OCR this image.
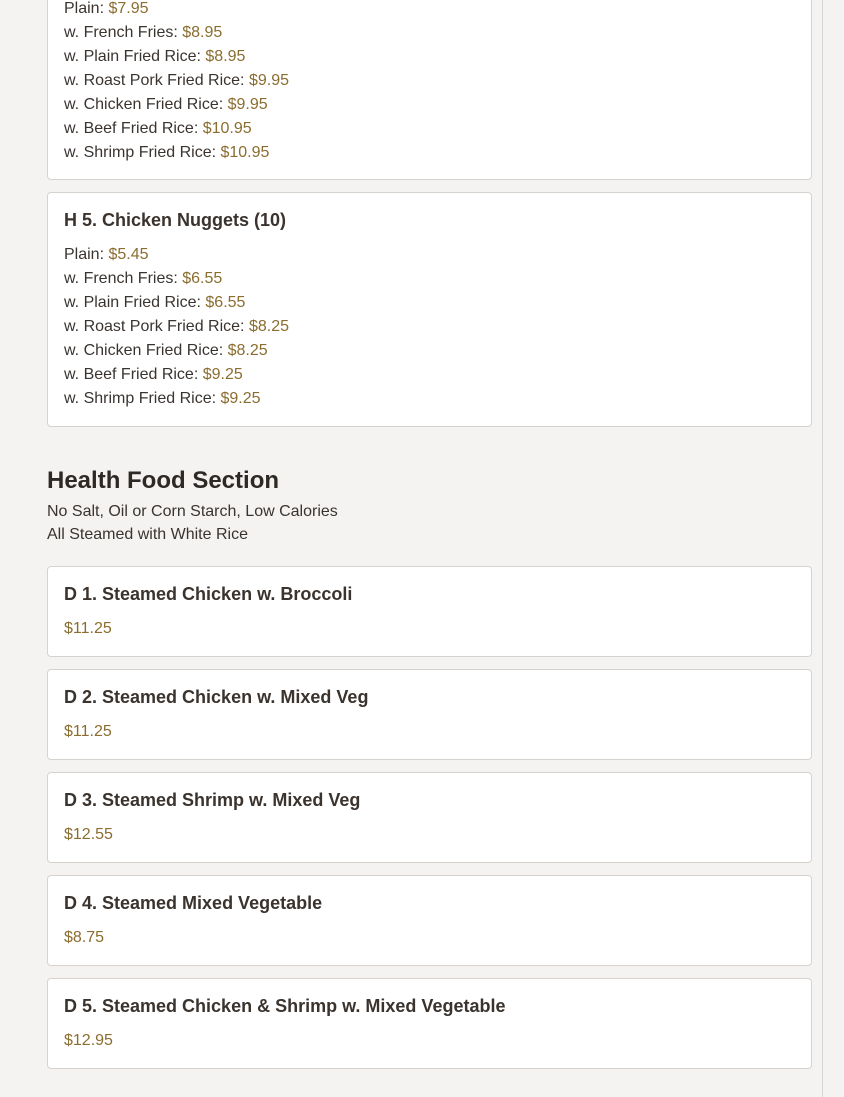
Plain: $7.95
w. French Fries: $8.95
w. Plain Fried Rice: $8.95
w. Roast Pork Fried Rice: $9.95
w. Chicken Fried Rice: $9.95
w. Beef Fried Rice: $10.95
w. Shrimp Fried Rice: $10.95
H 5. Chicken Nuggets (10)
Plain: $5.45
w. French Fries: $6.55
w. Plain Fried Rice: $6.55
w. Roast Pork Fried Rice: $8.25
w. Chicken Fried Rice: $8.25
w. Beef Fried Rice: $9.25
w. Shrimp Fried Rice: $9.25
Health Food Section
No Salt, Oil or Corn Starch, Low Calories
All Steamed with White Rice
D 1. Steamed Chicken w. Broccoli
$11.25
D 2. Steamed Chicken w. Mixed Veg
$11.25
D 3. Steamed Shrimp w. Mixed Veg
$12.55
D 4. Steamed Mixed Vegetable
$8.75
D 5. Steamed Chicken & Shrimp w. Mixed Vegetable
$12.95
